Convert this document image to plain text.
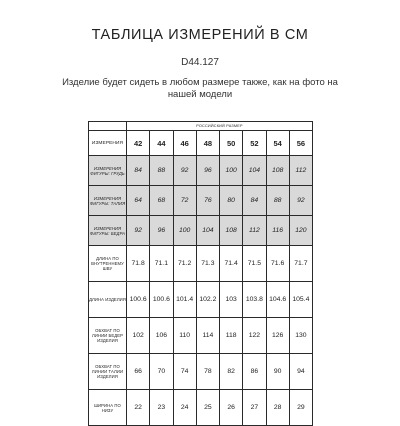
ТАБЛИЦА ИЗМЕРЕНИЙ В СМ
D44.127
Изделие будет сидеть в любом размере также, как на фото на
нашей модели
	РОССИЙСКИЙ РАЗМЕР							
ИЗМЕРЕНИЯ	42	44	46	48	50	52	54	56
ИЗМЕРЕНИЯ ФИГУРЫ: ГРУДЬ	84	88	92	96	100	104	108	112
ИЗМЕРЕНИЯ ФИГУРЫ: ТАЛИЯ	64	68	72	76	80	84	88	92
ИЗМЕРЕНИЯ ФИГУРЫ: БЕДРА	92	96	100	104	108	112	116	120
ДЛИНА ПО ВНУТРЕННЕМУ ШВУ	71.8	71.1	71.2	71.3	71.4	71.5	71.6	71.7
ДЛИНА ИЗДЕЛИЯ	100.6	100.6	101.4	102.2	103	103.8	104.6	105.4
ОБХВАТ ПО ЛИНИИ БЕДЕР ИЗДЕЛИЯ	102	106	110	114	118	122	126	130
ОБХВАТ ПО ЛИНИИ ТАЛИИ ИЗДЕЛИЯ	66	70	74	78	82	86	90	94
ШИРИНА ПО НИЗУ	22	23	24	25	26	27	28	29
